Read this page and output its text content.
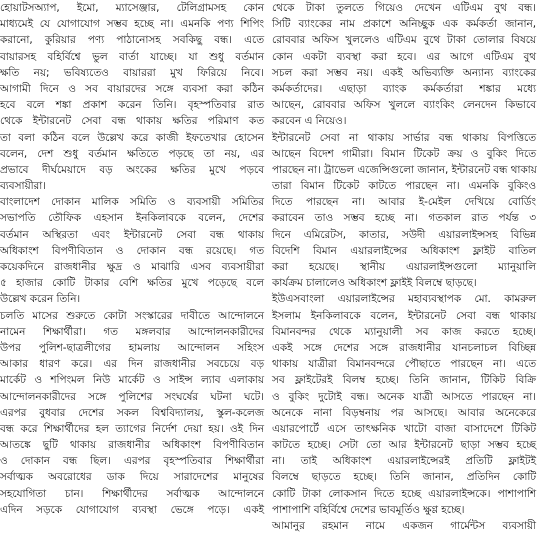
হোয়াটসঅ্যাপ, ইমো, ম্যাসেঞ্জার, টেলিগ্রামসহ কোন
মাধ্যমেই যে যোগাযোগ সম্ভব হচ্ছে না। এমনকি পণ্য শিপিং
করানো, কুরিয়ার পণ্য পাঠানোসহ সবকিছু বন্ধ। এতে
বায়ারসহ বহির্বিশ্বে ভুল বার্তা যাচ্ছে। যা শুধু বর্তমান
ক্ষতি নয়; ভবিষ্যতেও বায়াররা মুখ ফিরিয়ে নিবে।
আগামী দিনে ও সব বায়ারদের সঙ্গে ব্যবসা করা কঠিন
হবে বলে শঙ্কা প্রকাশ করেন তিনি। বৃহস্পতিবার রাত
থেকে ইন্টারনেট সেবা বন্ধ থাকায় ক্ষতির পরিমাণ কত
তা বলা কঠিন বলে উল্লেখ করে কাজী ইফতেখার হোসেন
বলেন, দেশ শুধু বর্তমান ক্ষতিতে পড়ছে তা নয়, এর
প্রভাবে দীর্ঘমেয়াদে বড় অংকের ক্ষতির মুখে পড়বে
ব্যবসায়ীরা।
বাংলাদেশ দোকান মালিক সমিতি ও ব্যবসায়ী সমিতির
সভাপতি তৌফিক এহসান ইনকিলাবকে বলেন, দেশের
বর্তমান অস্থিরতা এবং ইন্টারনেট সেবা বন্ধ থাকায়
অধিকাংশ বিপণীবিতান ও দোকান বন্ধ রয়েছে। গত
কয়েকদিনে রাজধানীর ক্ষুদ্র ও মাঝারি এসব ব্যবসায়ীরা
৫ হাজার কোটি টাকার বেশি ক্ষতির মুখে পড়েছে বলে
উল্লেখ করেন তিনি।
চলতি মাসের শুরুতে কোটা সংস্কারের দাবীতে আন্দোলনে
নামেন শিক্ষার্থীরা। গত মঙ্গলবার আন্দোলনকারীদের
উপর পুলিশ-ছাত্রলীগের হামলায় আন্দোলন সহিংস
আকার ধারণ করে। এর দিন রাজধানীর সবচেয়ে বড়
মার্কেট ও শপিংমল নিউ মার্কেট ও সাইন্স ল্যাব এলাকায়
আন্দোলনকারীদের সঙ্গে পুলিশের সংঘর্ষের ঘটনা ঘটে।
এরপর বুধবার দেশের সকল বিশ্ববিদ্যালয়, স্কুল-কলেজ
বন্ধ করে শিক্ষার্থীদের হল ত্যাগের নির্দেশ দেয়া হয়। ওই দিন
আতঙ্কে ছুটি থাকায় রাজধানীর অধিকাংশ বিপণীবিতান
ও দোকান বন্ধ ছিল। এরপর বৃহস্পতিবার শিক্ষার্থীরা
সর্বাত্মক অবরোধের ডাক দিয়ে সারাদেশের মানুষের
সহযোগিতা চান। শিক্ষার্থীদের সর্বাত্মক আন্দোলনে
এদিন সড়কে যোগাযোগ ব্যবস্থা ভেঙ্গে পড়ে। একই
থেকে টাকা তুলতে গিয়েও দেখেন এটিএম বুথ বন্ধ।
সিটি ব্যাংকের নাম প্রকাশে অনিচ্ছুক এক কর্মকর্তা জানান,
রোববার অফিস খুললেও এটিএম বুথে টাকা তোলার বিষয়ে
কোন একটা ব্যবস্থা করা হবে। এর আগে এটিএম বুথ
সচল করা সম্ভব নয়। একই অভিব্যক্তি অন্যান্য ব্যাংকের
কর্মকর্তাদের। এছাড়া ব্যাংক কর্মকর্তারা শঙ্কার মধ্যে
আছেন, রোববার অফিস খুললে ব্যাংকিং লেনদেন কিভাবে
করবেন এ নিয়েও।
ইন্টারনেট সেবা না থাকায় সার্ভার বন্ধ থাকায় বিপত্তিতে
আছেন বিদেশ গামীরা। বিমান টিকেট ক্রয় ও বুকিং দিতে
পারছেন না। ট্রাভেল এজেন্সিগুলো জানান, ইন্টারনেট বন্ধ থাকায়
তারা বিমান টিকেট কাটতে পারছেন না। এমনকি বুকিংও
দিতে পারছেন না। আবার ই-মেইল দেখিয়ে বোর্ডিং
করাবেন তাও সম্ভব হচ্ছে না। গতকাল রাত পর্যন্ত ৩
দিনে এমিরেটস, কাতার, সউদী এয়ারলাইন্সসহ বিভিন্ন
বিদেশি বিমান এয়ারলাইন্সের অধিকাংশ ফ্লাইট বাতিল
করা হয়েছে। স্থানীয় এয়ারলাইন্সগুলো ম্যানুয়ালি
কার্যক্রম চালালেও অধিকাংশ ফ্লাইই বিলম্বে ছাড়ছে।
ইউএসবাংলা এয়ারলাইন্সের মহাব্যবস্থাপক মো. কামরুল
ইসলাম ইনকিলাবকে বলেন, ইন্টারনেট সেবা বন্ধ থাকায়
বিমানবন্দর থেকে ম্যানুয়ালী সব কাজ করতে হচ্ছে।
একই সঙ্গে দেশের সঙ্গে রাজধানীর যানচলাচল বিচ্ছিন্ন
থাকায় যাত্রীরা বিমানবন্দরে পৌছাতে পারছেন না। এতে
সব ফ্লাইটেরই বিলম্ব হচ্ছে। তিনি জানান, টিকিট বিক্রি
ও বুকিং দুটোই বন্ধ। অনেক যাত্রী আসতে পারছেন না।
অনেকে নানা বিড়ম্বনায় পর আসছে। আবার অনেকেরে
এয়ারপোর্টে এসে তাৎক্ষনিক খাটো বাজা বাসাদেশে টিকিট
কাটতে হচ্ছে। সেটা তো আর ইন্টারনেট ছাড়া সম্ভব হচ্ছে
না। তাই অধিকাংশ এয়ারলাইন্সেরই প্রতিটি ফ্লাইটই
বিলম্বে ছাড়তে হচ্ছে। তিনি জানান, প্রতিদিন কোটি
কোটি টাকা লোকসান দিতে হচ্ছে এয়ারলাইন্সকে। পাশাপাশি
পাশাপাশি বহির্বিশ্বে দেশের ভাবমূর্তিও ক্ষুণ্ণ হচ্ছে।
আমানুর রহমান নামে একজন গার্মেন্টস ব্যবসায়ী
